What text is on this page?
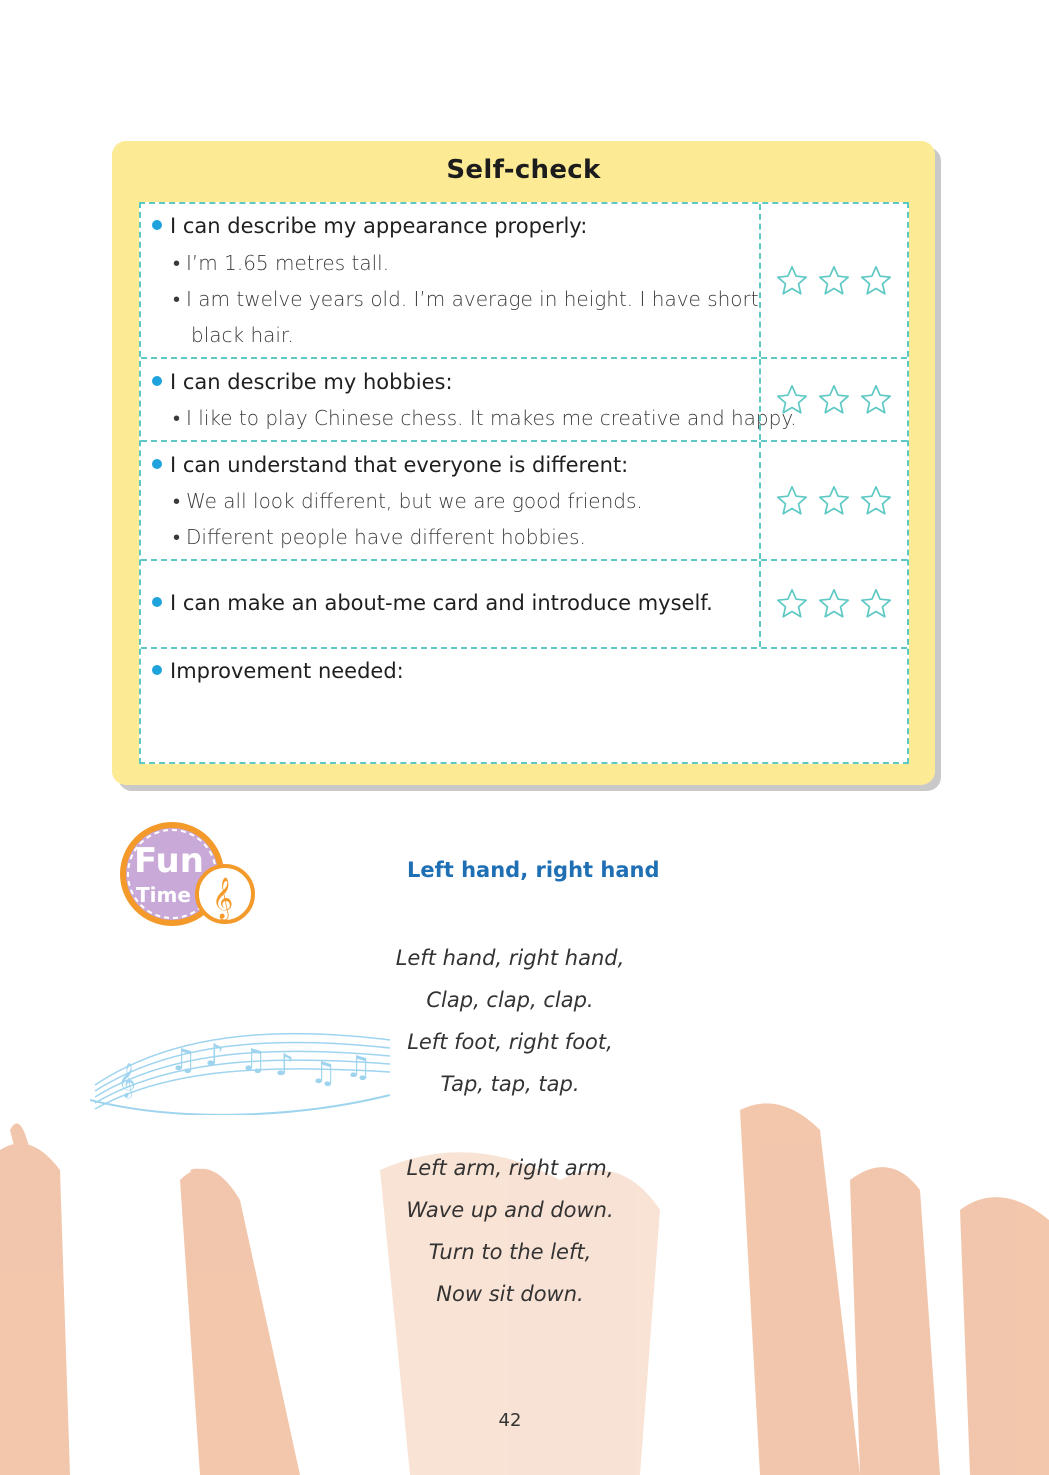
Self-check
I can describe my appearance properly:
• I’m 1.65 metres tall.
• I am twelve years old. I’m average in height. I have short
black hair.
I can describe my hobbies:
• I like to play Chinese chess. It makes me creative and happy.
I can understand that everyone is different:
• We all look different, but we are good friends.
• Different people have different hobbies.
I can make an about-me card and introduce myself.
Improvement needed:
Fun
Time 𝄞
Left hand, right hand
𝄞
♫ ♪ ♫ ♪ ♫ ♫
Left hand, right hand,
Clap, clap, clap.
Left foot, right foot,
Tap, tap, tap.
Left arm, right arm,
Wave up and down.
Turn to the left,
Now sit down.
42
